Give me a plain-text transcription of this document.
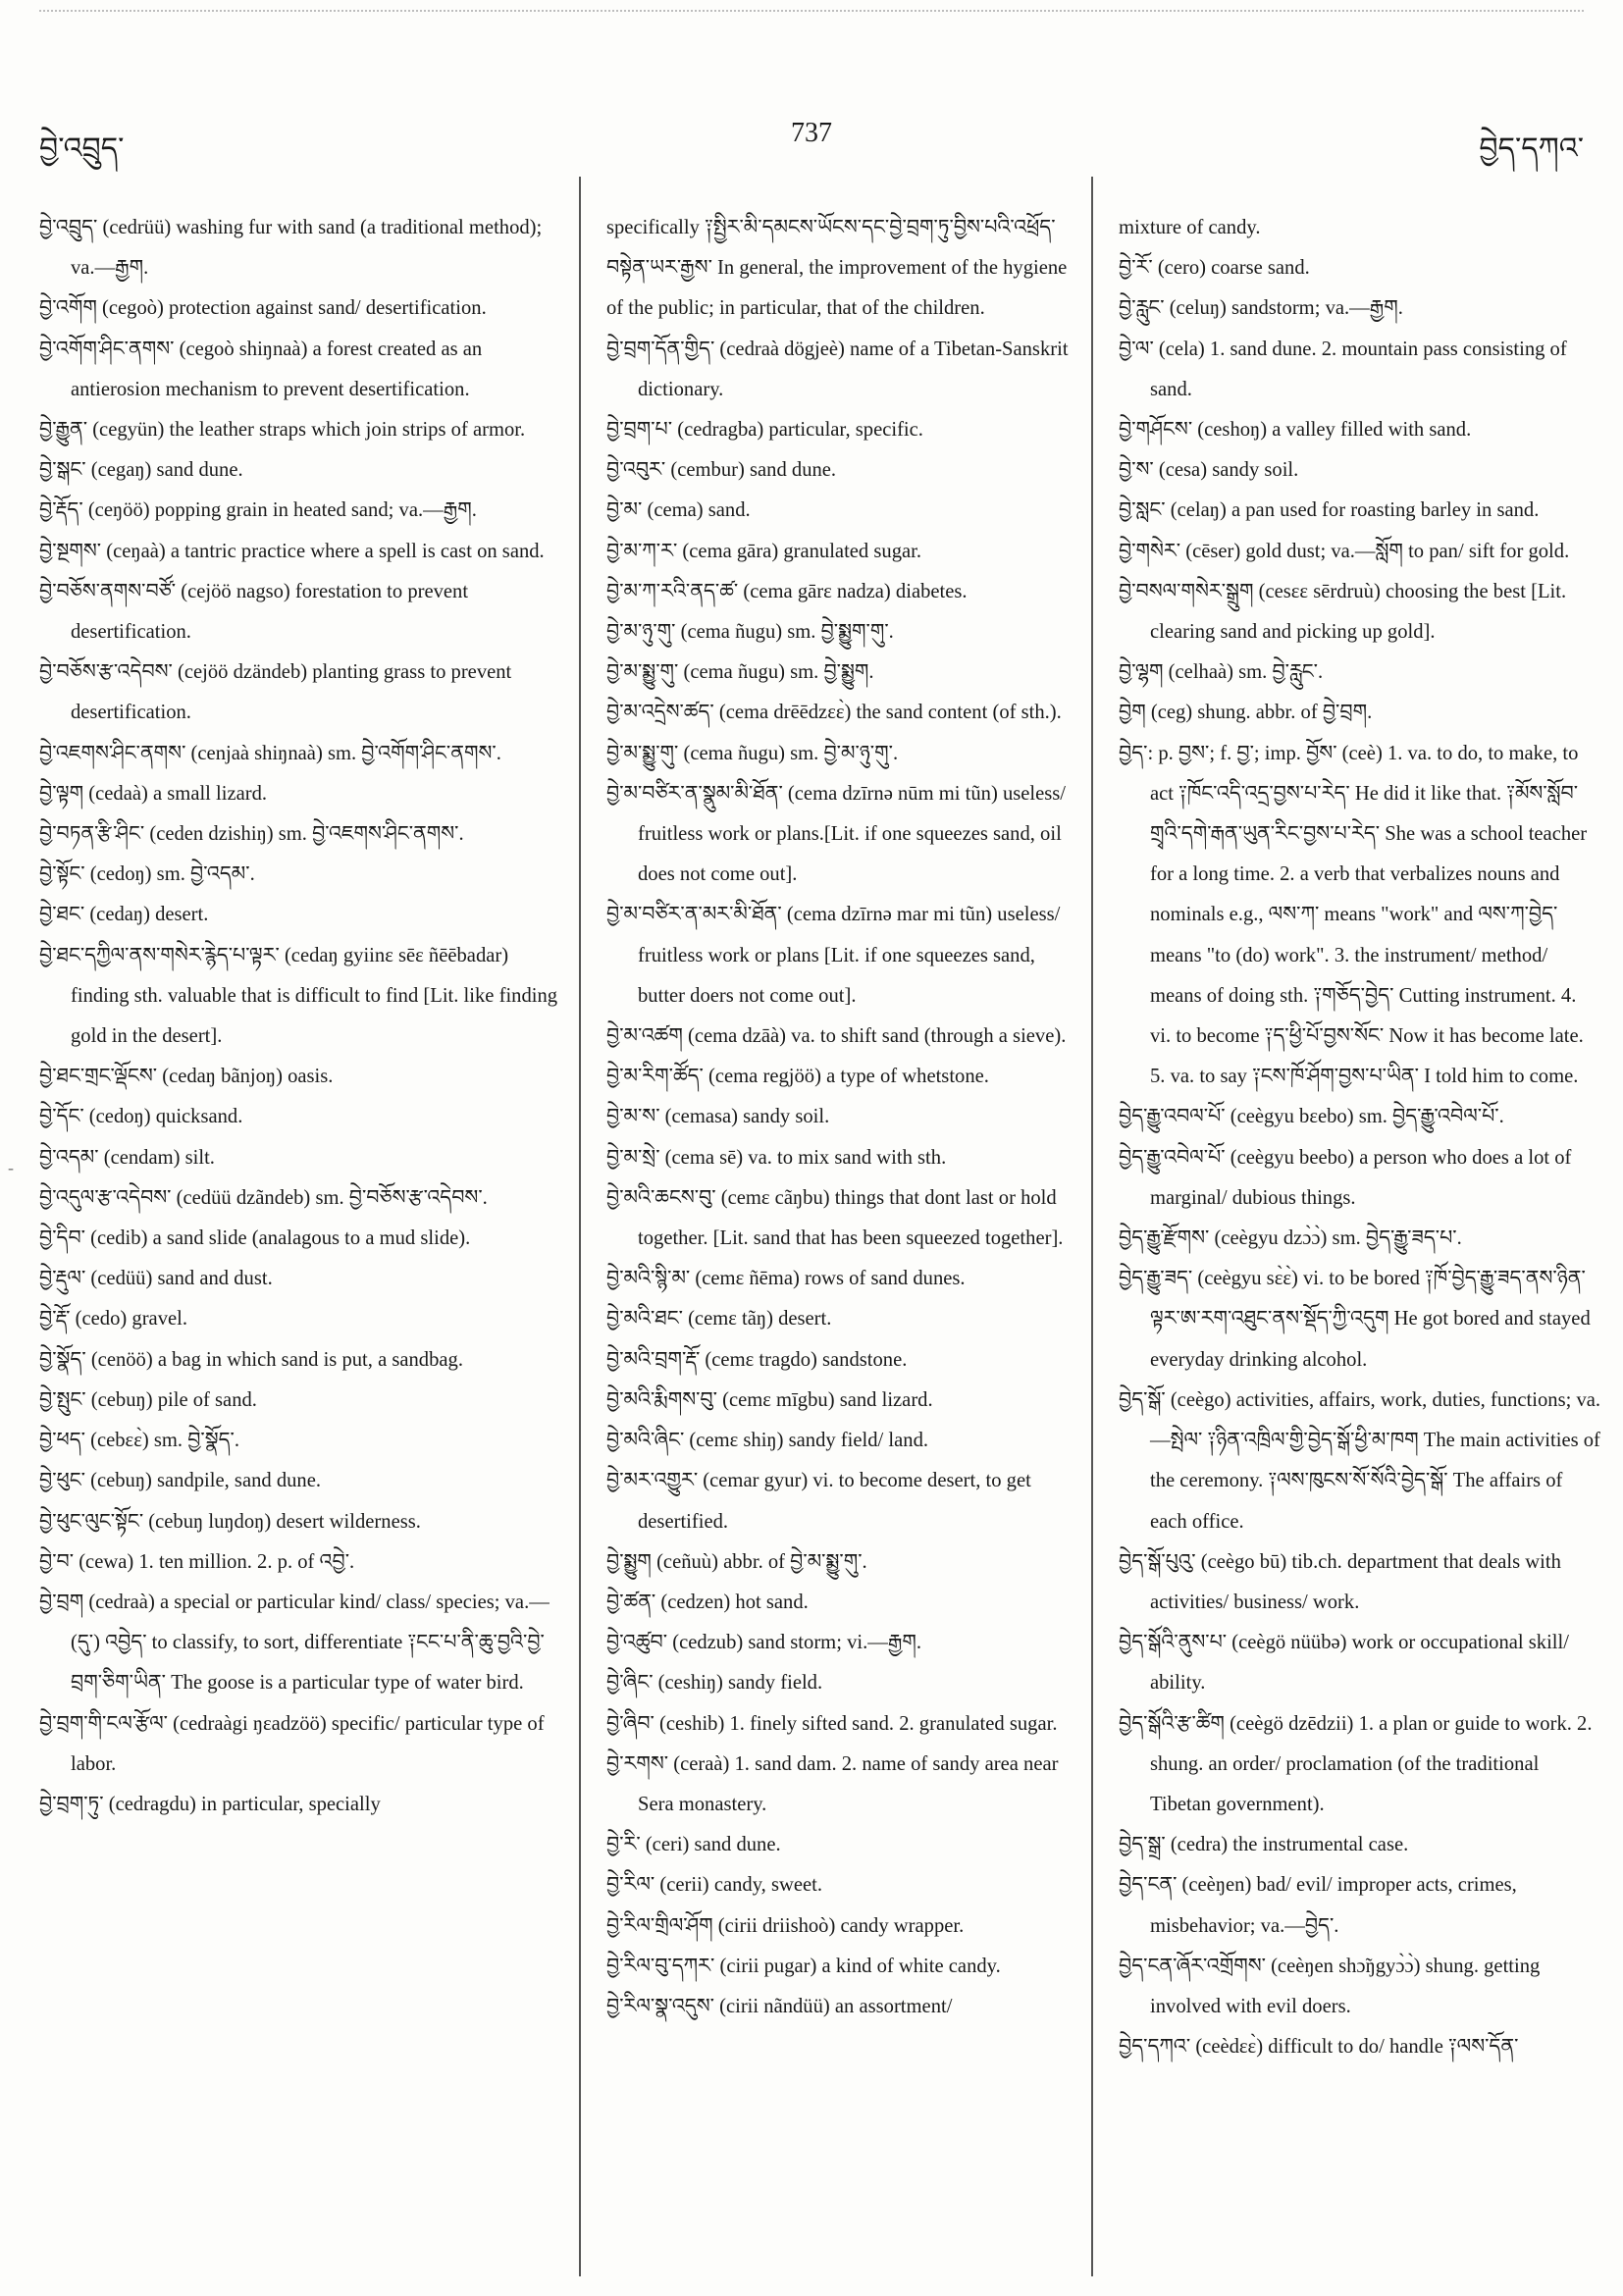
བྱེ་འབྲུད་	737	བྱེད་དཀའ་
བྱེ་འབྲུད་ (cedrüü) washing fur with sand (a traditional method); va.—རྒྱག.
བྱེ་འགོག (cegoò) protection against sand/ desertification.
བྱེ་འགོག་ཤིང་ནགས་ (cegoò shiŋnaà) a forest created as an antierosion mechanism to prevent desertification.
བྱེ་རྒྱུན་ (cegyün) the leather straps which join strips of armor.
བྱེ་སྒང་ (cegaŋ) sand dune.
བྱེ་རྡོད་ (ceŋöö) popping grain in heated sand; va.—རྒྱག.
བྱེ་སྔགས་ (ceŋaà) a tantric practice where a spell is cast on sand.
བྱེ་བཅོས་ནགས་བཙོ་ (cejöö nagso) forestation to prevent desertification.
བྱེ་བཅོས་རྩ་འདེབས་ (cejöö dzändeb) planting grass to prevent desertification.
བྱེ་འཇགས་ཤིང་ནགས་ (cenjaà shiŋnaà) sm. བྱེ་འགོག་ཤིང་ནགས་.
བྱེ་ལྟག (cedaà) a small lizard.
བྱེ་བཏན་རྩི་ཤིང་ (ceden dzishiŋ) sm. བྱེ་འཇགས་ཤིང་ནགས་.
བྱེ་སྟོང་ (cedoŋ) sm. བྱེ་འདམ་.
བྱེ་ཐང་ (cedaŋ) desert.
བྱེ་ཐང་དཀྱིལ་ནས་གསེར་རྙེད་པ་ལྟར་ (cedaŋ gyiinɛ sēɛ ñēēbadar) finding sth. valuable that is difficult to find [Lit. like finding gold in the desert].
བྱེ་ཐང་གྲང་ལྡོངས་ (cedaŋ bãnjoŋ) oasis.
བྱེ་དོང་ (cedoŋ) quicksand.
བྱེ་འདམ་ (cendam) silt.
བྱེ་འདུལ་རྩ་འདེབས་ (cedüü dzãndeb) sm. བྱེ་བཅོས་རྩ་འདེབས་.
བྱེ་དིབ་ (cedib) a sand slide (analagous to a mud slide).
བྱེ་རྡུལ་ (cedüü) sand and dust.
བྱེ་རྡོ་ (cedo) gravel.
བྱེ་སྣོད་ (cenöö) a bag in which sand is put, a sandbag.
བྱེ་སྤུང་ (cebuŋ) pile of sand.
བྱེ་ཕད་ (cebɛɛ̀) sm. བྱེ་སྣོད་.
བྱེ་ཕུང་ (cebuŋ) sandpile, sand dune.
བྱེ་ཕུང་ལུང་སྟོང་ (cebuŋ luŋdoŋ) desert wilderness.
བྱེ་བ་ (cewa) 1. ten million. 2. p. of འབྱེ་.
བྱེ་བྲག (cedraà) a special or particular kind/ class/ species; va.—(དུ་) འབྱེད་ to classify, to sort, differentiate ༑ངང་པ་ནི་ཆུ་བྱའི་བྱེ་བྲག་ཅིག་ཡིན་ The goose is a particular type of water bird.
བྱེ་བྲག་གི་ངལ་རྩོལ་ (cedraàgi ŋɛadzöö) specific/ particular type of labor.
བྱེ་བྲག་ཏུ་ (cedragdu) in particular, specially
specifically ༑སྤྱིར་མི་དམངས་ཡོངས་དང་བྱེ་བྲག་ཏུ་བྱིས་པའི་འཕྲོད་བསྟེན་ཡར་རྒྱས་ In general, the improvement of the hygiene of the public; in particular, that of the children.
བྱེ་བྲག་དོན་གྱིད་ (cedraà dögjeè) name of a Tibetan-Sanskrit dictionary.
བྱེ་བྲག་པ་ (cedragba) particular, specific.
བྱེ་འབུར་ (cembur) sand dune.
བྱེ་མ་ (cema) sand.
བྱེ་མ་ཀ་ར་ (cema gāra) granulated sugar.
བྱེ་མ་ཀ་རའི་ནད་ཚ་ (cema gārɛ nadza) diabetes.
བྱེ་མ་ཉུ་གུ་ (cema ñugu) sm. བྱེ་སྨྱུག་གུ་.
བྱེ་མ་སྨྱུ་གུ་ (cema ñugu) sm. བྱེ་སྨྱུག.
བྱེ་མ་འདྲེས་ཚད་ (cema drēēdzɛɛ̀) the sand content (of sth.).
བྱེ་མ་སྨྱུ་གུ་ (cema ñugu) sm. བྱེ་མ་ཉུ་གུ་.
བྱེ་མ་བཙིར་ན་སྣུམ་མི་ཐོན་ (cema dzīrnə nūm mi tũn) useless/ fruitless work or plans.[Lit. if one squeezes sand, oil does not come out].
བྱེ་མ་བཙིར་ན་མར་མི་ཐོན་ (cema dzīrnə mar mi tũn) useless/ fruitless work or plans [Lit. if one squeezes sand, butter doers not come out].
བྱེ་མ་འཚག (cema dzāà) va. to shift sand (through a sieve).
བྱེ་མ་རིག་ཚོད་ (cema regjöö) a type of whetstone.
བྱེ་མ་ས་ (cemasa) sandy soil.
བྱེ་མ་སྲེ་ (cema sē) va. to mix sand with sth.
བྱེ་མའི་ཆངས་བུ་ (cemɛ cãŋbu) things that dont last or hold together. [Lit. sand that has been squeezed together].
བྱེ་མའི་སྙི་མ་ (cemɛ ñēma) rows of sand dunes.
བྱེ་མའི་ཐང་ (cemɛ tãŋ) desert.
བྱེ་མའི་བྲག་རྡོ་ (cemɛ tragdo) sandstone.
བྱེ་མའི་རྨིགས་བུ་ (cemɛ mīgbu) sand lizard.
བྱེ་མའི་ཞིང་ (cemɛ shiŋ) sandy field/ land.
བྱེ་མར་འགྱུར་ (cemar gyur) vi. to become desert, to get desertified.
བྱེ་སྨྱུག (ceñuù) abbr. of བྱེ་མ་སྨྱུ་གུ་.
བྱེ་ཚན་ (cedzen) hot sand.
བྱེ་འཚུབ་ (cedzub) sand storm; vi.—རྒྱག.
བྱེ་ཞིང་ (ceshiŋ) sandy field.
བྱེ་ཞིབ་ (ceshib) 1. finely sifted sand. 2. granulated sugar.
བྱེ་རགས་ (ceraà) 1. sand dam. 2. name of sandy area near Sera monastery.
བྱེ་རི་ (ceri) sand dune.
བྱེ་རིལ་ (cerii) candy, sweet.
བྱེ་རིལ་གྲིལ་ཤོག (cirii driishoò) candy wrapper.
བྱེ་རིལ་བུ་དཀར་ (cirii pugar) a kind of white candy.
བྱེ་རིལ་སྣ་འདུས་ (cirii nãndüü) an assortment/
mixture of candy.
བྱེ་རོ་ (cero) coarse sand.
བྱེ་རླུང་ (celuŋ) sandstorm; va.—རྒྱག.
བྱེ་ལ་ (cela) 1. sand dune. 2. mountain pass consisting of sand.
བྱེ་གཤོངས་ (ceshoŋ) a valley filled with sand.
བྱེ་ས་ (cesa) sandy soil.
བྱེ་སླང་ (celaŋ) a pan used for roasting barley in sand.
བྱེ་གསེར་ (cēser) gold dust; va.—སློག to pan/ sift for gold.
བྱེ་བསལ་གསེར་སྒྲུག (cesɛɛ sērdruù) choosing the best [Lit. clearing sand and picking up gold].
བྱེ་ལྷག (celhaà) sm. བྱེ་རླུང་.
བྱེག (ceg) shung. abbr. of བྱེ་བྲག.
བྱེད་: p. བྱས་; f. བྱ་; imp. བྱོས་ (ceè) 1. va. to do, to make, to act ༑ཁོང་འདི་འདྲ་བྱས་པ་རེད་ He did it like that. ༑མོས་སློབ་གྲྭའི་དགེ་རྒན་ཡུན་རིང་བྱས་པ་རེད་ She was a school teacher for a long time. 2. a verb that verbalizes nouns and nominals e.g., ལས་ཀ་ means "work" and ལས་ཀ་བྱེད་ means "to (do) work". 3. the instrument/ method/ means of doing sth. ༑གཅོད་བྱེད་ Cutting instrument. 4. vi. to become ༑ད་ཕྱི་པོ་བྱས་སོང་ Now it has become late. 5. va. to say ༑ངས་ཁོ་ཤོག་བྱས་པ་ཡིན་ I told him to come.
བྱེད་རྒྱུ་འབལ་པོ་ (ceègyu bɛebo) sm. བྱེད་རྒྱུ་འབེལ་པོ་.
བྱེད་རྒྱུ་འབེལ་པོ་ (ceègyu beebo) a person who does a lot of marginal/ dubious things.
བྱེད་རྒྱུ་རྫོགས་ (ceègyu dzɔ̀ɔ̀) sm. བྱེད་རྒྱུ་ཟད་པ་.
བྱེད་རྒྱུ་ཟད་ (ceègyu sɛ̀ɛ̀) vi. to be bored ༑ཁོ་བྱེད་རྒྱུ་ཟད་ནས་ཉིན་ལྟར་ཨ་རག་འཐུང་ནས་སྡོད་ཀྱི་འདུག He got bored and stayed everyday drinking alcohol.
བྱེད་སྒོ་ (ceègo) activities, affairs, work, duties, functions; va.—སྤེལ་ ༑ཉིན་འཁྲིལ་གྱི་བྱེད་སྒོ་ཕྱི་མ་ཁག The main activities of the ceremony. ༑ལས་ཁུངས་སོ་སོའི་བྱེད་སྒོ་ The affairs of each office.
བྱེད་སྒོ་པུའུ་ (ceègo bū) tib.ch. department that deals with activities/ business/ work.
བྱེད་སྒོའི་ནུས་པ་ (ceègö nüübə) work or occupational skill/ ability.
བྱེད་སྒོའི་རྩ་ཚིག (ceègö dzēdzii) 1. a plan or guide to work. 2. shung. an order/ proclamation (of the traditional Tibetan government).
བྱེད་སྒྲ་ (cedra) the instrumental case.
བྱེད་ངན་ (ceèŋen) bad/ evil/ improper acts, crimes, misbehavior; va.—བྱེད་.
བྱེད་ངན་ཞོར་འགྲོགས་ (ceèŋen shɔ̃ŋgyɔ̀ɔ̀) shung. getting involved with evil doers.
བྱེད་དཀའ་ (ceèdɛɛ̀) difficult to do/ handle ༑ལས་དོན་
-
